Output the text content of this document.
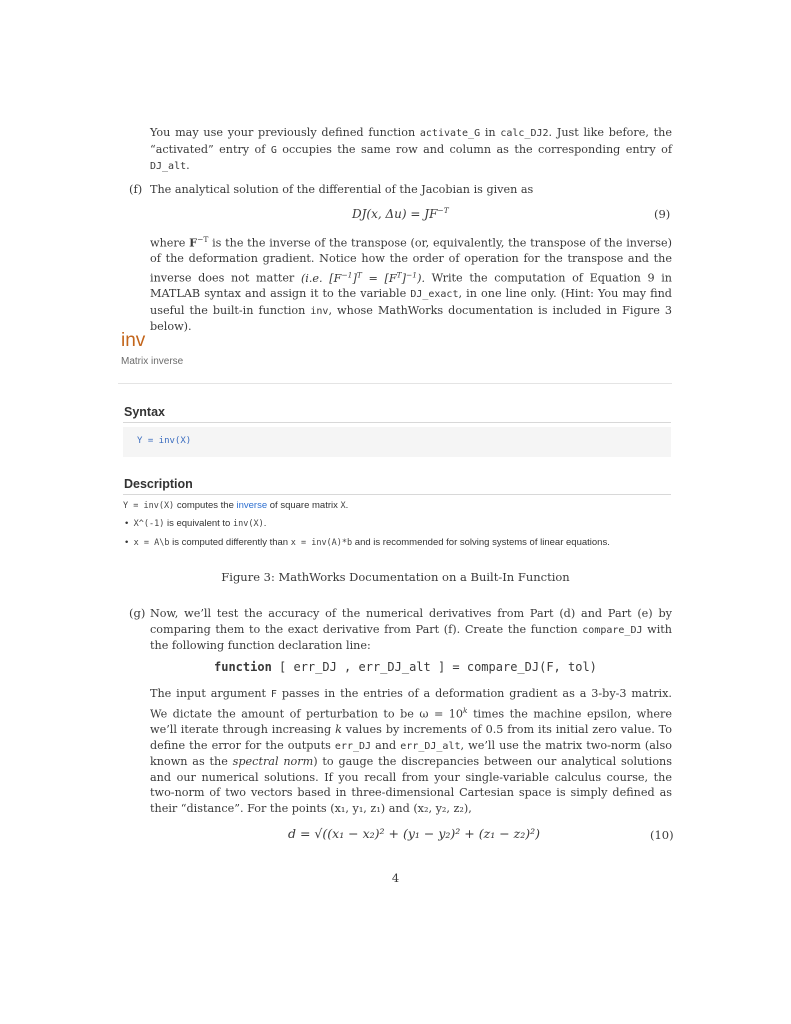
You may use your previously defined function activate_G in calc_DJ2. Just like before, the “activated” entry of G occupies the same row and column as the corresponding entry of DJ_alt.

(f) The analytical solution of the differential of the Jacobian is given as

DJ(x, $\Delta u) = JF^{-T}$	(9)

where $F^{-T}$ is the the inverse of the transpose (or, equivalently, the transpose of the inverse) of the deformation gradient. Notice how the order of operation for the transpose and the inverse does not matter (i.e. $[F^{-1}]^T = [F^T]^{-1}$). Write the computation of Equation 9 in MATLAB syntax and assign it to the variable DJ_exact, in one line only. (Hint: You may find useful the built-in function inv, whose MathWorks documentation is included in Figure 3 below).

inv
Matrix inverse
Syntax
Y = inv(X)
Description
Y = inv(X) computes the inverse of square matrix X.
• X^(-1) is equivalent to inv(X).
• x = A\b is computed differently than x = inv(A)*b and is recommended for solving systems of linear equations.
Figure 3: MathWorks Documentation on a Built-In Function
(g) Now, we’ll test the accuracy of the numerical derivatives from Part (d) and Part (e) by comparing them to the exact derivative from Part (f). Create the function compare_DJ with the following function declaration line:

function [ err_DJ , err_DJ_alt ] = compare_DJ(F, tol)

The input argument F passes in the entries of a deformation gradient as a 3-by-3 matrix. We dictate the amount of perturbation to be $\omega = 10^k$ times the machine epsilon, where we’ll iterate through increasing k values by increments of 0.5 from its initial zero value. To define the error for the outputs err_DJ and err_DJ_alt, we’ll use the matrix two-norm (also known as the spectral norm) to gauge the discrepancies between our analytical solutions and our numerical solutions. If you recall from your single-variable calculus course, the two-norm of two vectors based in three-dimensional Cartesian space is simply defined as their “distance”. For the points (x₁, y₁, z₁) and (x₂, y₂, z₂),

d = √((x₁ − x₂)² + (y₁ − y₂)² + (z₁ − z₂)²)	(10)
4
